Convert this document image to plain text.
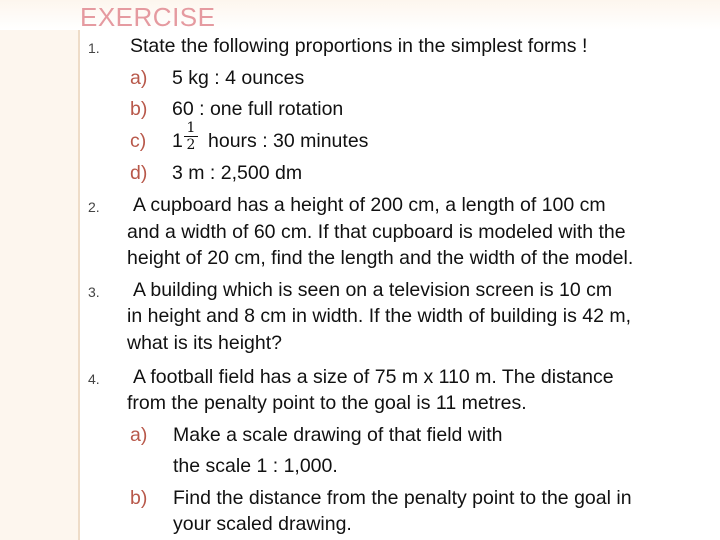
EXERCISE
1. State the following proportions in the simplest forms !
a) 5 kg : 4 ounces
b) 60 : one full rotation
c) 1
1
2 hours : 30 minutes
d) 3 m : 2,500 dm
2. A cupboard has a height of 200 cm, a length of 100 cm
and a width of 60 cm. If that cupboard is modeled with the
height of 20 cm, find the length and the width of the model.
3. A building which is seen on a television screen is 10 cm
in height and 8 cm in width. If the width of building is 42 m,
what is its height?
4. A football field has a size of 75 m x 110 m. The distance
from the penalty point to the goal is 11 metres.
a) Make a scale drawing of that field with
the scale 1 : 1,000.
b) Find the distance from the penalty point to the goal in
your scaled drawing.
